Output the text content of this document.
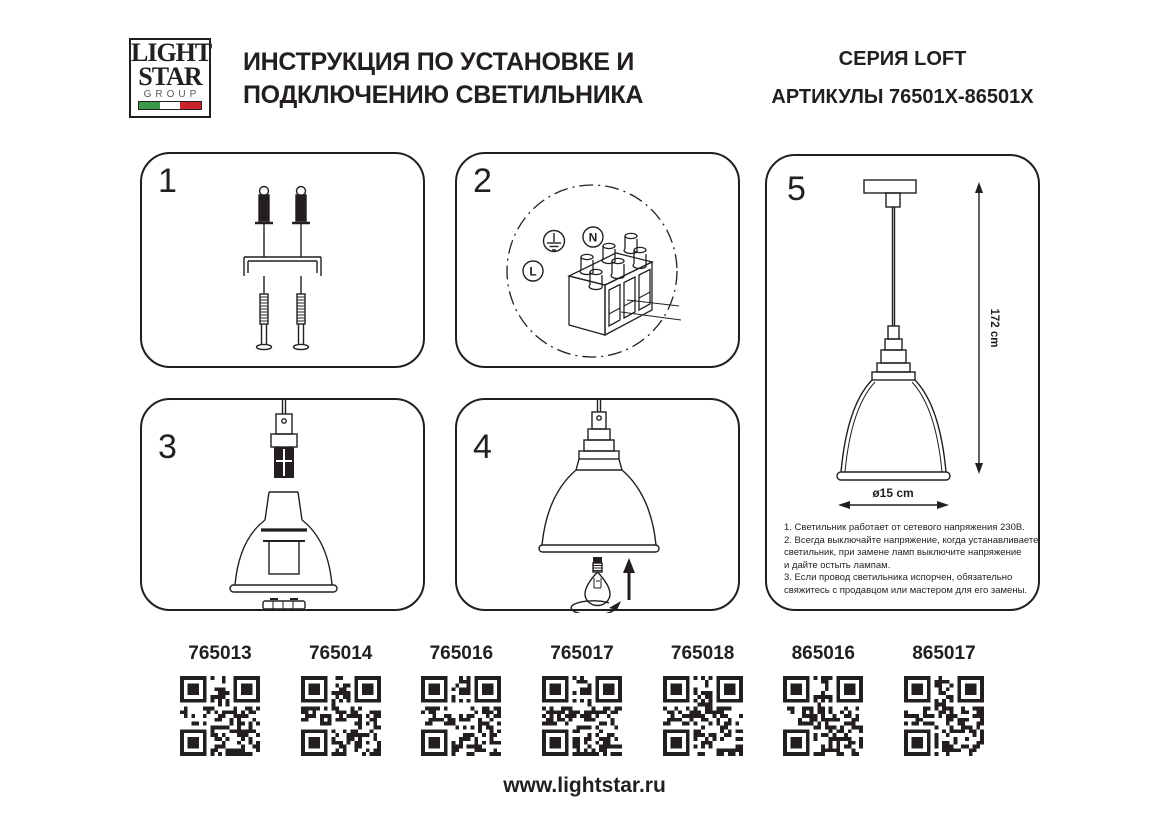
LIGHT
STAR
GROUP
ИНСТРУКЦИЯ ПО УСТАНОВКЕ И
ПОДКЛЮЧЕНИЮ СВЕТИЛЬНИКА
СЕРИЯ LOFT
АРТИКУЛЫ 76501X-86501X
1	2
N
L
3	4
5
172 cm
ø15 cm
1. Светильник работает от сетевого напряжения 230В.
2. Всегда выключайте напряжение, когда устанавливаете
светильник, при замене ламп выключите напряжение
и дайте остыть лампам.
3. Если провод светильника испорчен, обязательно
свяжитесь с продавцом или мастером для его замены.
765013	765014	765016	765017	765018	865016	865017
www.lightstar.ru
